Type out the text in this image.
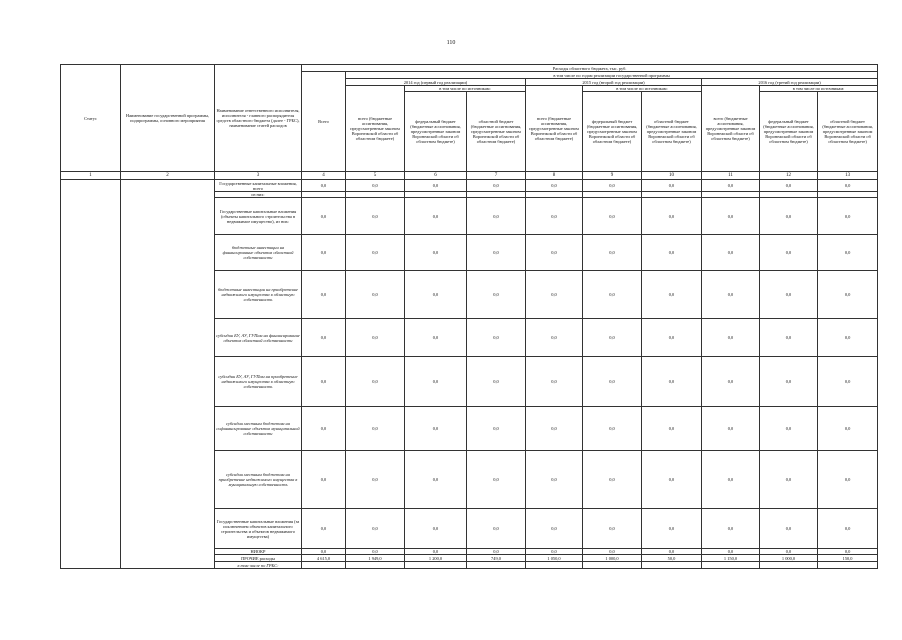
110
Статус	Наименование государственной программы, подпрограммы, основного мероприятия	Наименование ответственного исполнителя, исполнителя - главного распорядителя средств областного бюджета (далее - ГРБС), наименование статей расходов	Расходы областного бюджета, тыс. руб.									
			Всего	в том числе по годам реализации государственной программы								
				2014 год (первый год реализации)			2015 год (второй год реализации)			2016 год (третий год реализации)		
				всего (бюджетные ассигнования, предусмотренные законом Воронежской области об областном бюджете)	в том числе по источникам:		всего (бюджетные ассигнования, предусмотренные законом Воронежской области об областном бюджете)	в том числе по источникам:		всего (бюджетные ассигнования, предусмотренные законом Воронежской области об областном бюджете)	в том числе по источникам:	
					федеральный бюджет (бюджетные ассигнования, предусмотренные законом Воронежской области об областном бюджете)	областной бюджет (бюджетные ассигнования, предусмотренные законом Воронежской области об областном бюджете)		федеральный бюджет (бюджетные ассигнования, предусмотренные законом Воронежской области об областном бюджете)	областной бюджет (бюджетные ассигнования, предусмотренные законом Воронежской области об областном бюджете)		федеральный бюджет (бюджетные ассигнования, предусмотренные законом Воронежской области об областном бюджете)	областной бюджет (бюджетные ассигнования, предусмотренные законом Воронежской области об областном бюджете)
1	2	3	4	5	6	7	8	9	10	11	12	13
		Государственные капитальные вложения, всего	0,0	0,0	0,0	0,0	0,0	0,0	0,0	0,0	0,0	0,0
		из них:										
		Государственные капитальные вложения (объекты капитального строительства в недвижимое имущество), из них:	0,0	0,0	0,0	0,0	0,0	0,0	0,0	0,0	0,0	0,0
		бюджетные инвестиции на финансирование объектов областной собственности	0,0	0,0	0,0	0,0	0,0	0,0	0,0	0,0	0,0	0,0
		бюджетные инвестиции на приобретение недвижимого имущества в областную собственность	0,0	0,0	0,0	0,0	0,0	0,0	0,0	0,0	0,0	0,0
		субсидии БУ, АУ, ГУПам на финансирование объектов областной собственности	0,0	0,0	0,0	0,0	0,0	0,0	0,0	0,0	0,0	0,0
		субсидии БУ, АУ, ГУПам на приобретение недвижимого имущества в областную собственность	0,0	0,0	0,0	0,0	0,0	0,0	0,0	0,0	0,0	0,0
		субсидии местным бюджетам на софинансирование объектов муниципальной собственности	0,0	0,0	0,0	0,0	0,0	0,0	0,0	0,0	0,0	0,0
		субсидии местным бюджетам на приобретение недвижимого имущества в муниципальную собственность	0,0	0,0	0,0	0,0	0,0	0,0	0,0	0,0	0,0	0,0
		Государственные капитальные вложения (за исключением объектов капитального строительства и объектов недвижимого имущества)	0,0	0,0	0,0	0,0	0,0	0,0	0,0	0,0	0,0	0,0
		НИОКР	0,0	0,0	0,0	0,0	0,0	0,0	0,0	0,0	0,0	0,0
		ПРОЧИЕ расходы	4 615,0	1 949,0	1 200,0	749,0	1 050,0	1 000,0	50,0	1 150,0	1 000,0	150,0
		в том числе по ГРБС:										
